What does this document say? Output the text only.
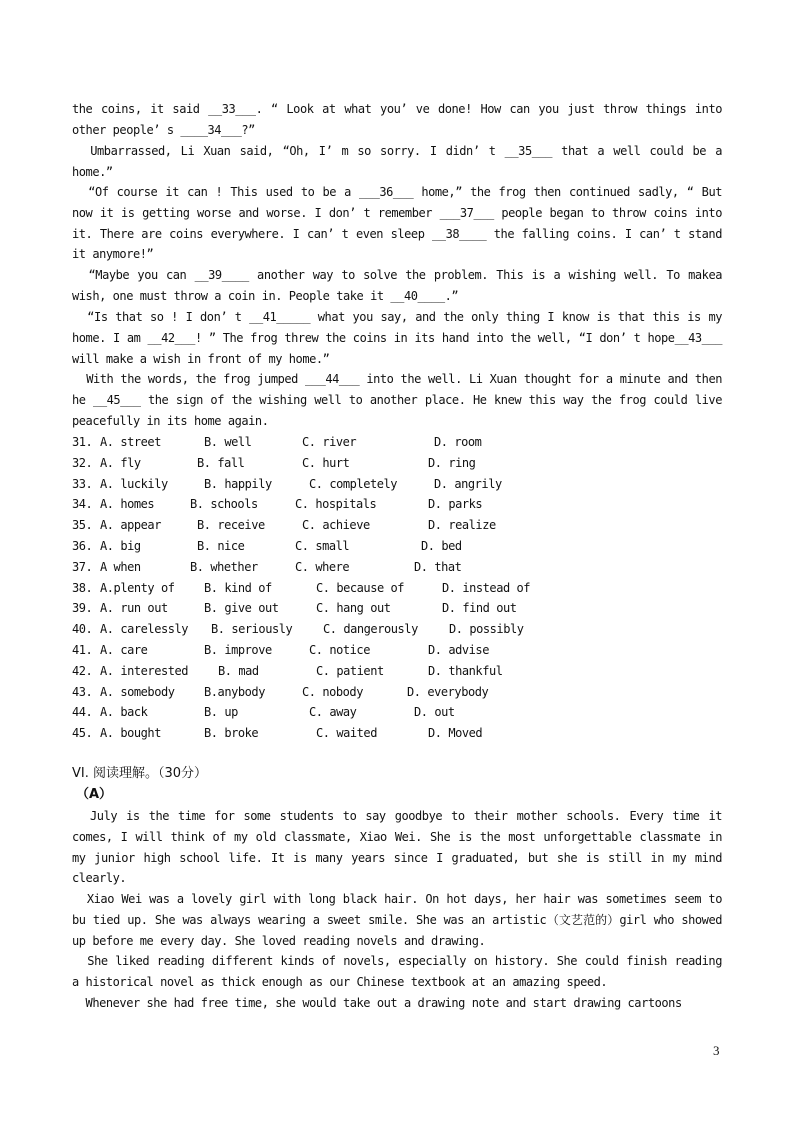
the coins, it said __33___. “ Look at what you’ ve done! How can you just throw things into other people’ s ____34___?”
Umbarrassed, Li Xuan said, “Oh, I’ m so sorry. I didn’ t __35___ that a well could be a home.”
“Of course it can ! This used to be a ___36___ home,” the frog then continued sadly, “ But now it is getting worse and worse. I don’ t remember ___37___ people began to throw coins into it. There are coins everywhere. I can’ t even sleep __38____ the falling coins. I can’ t stand it anymore!”
“Maybe you can __39____ another way to solve the problem. This is a wishing well. To makea wish, one must throw a coin in. People take it __40____.”
“Is that so ! I don’ t __41_____ what you say, and the only thing I know is that this is my home. I am __42___! ” The frog threw the coins in its hand into the well, “I don’ t hope__43___ will make a wish in front of my home.”
With the words, the frog jumped ___44___ into the well. Li Xuan thought for a minute and then he __45___ the sign of the wishing well to another place. He knew this way the frog could live peacefully in its home again.
31. A. street	B. well	C. river	D. room
32. A. fly	B. fall	C. hurt	D. ring
33. A. luckily	B. happily	C. completely	D. angrily
34. A. homes	B. schools	C. hospitals	D. parks
35. A. appear	B. receive	C. achieve	D. realize
36. A. big	B. nice	C. small	D. bed
37. A when	B. whether	C. where	D. that
38. A.plenty of B. kind of	C. because of	D. instead of
39. A. run out	B. give out	C. hang out	D. find out
40. A. carelessly B. seriously	C. dangerously	D. possibly
41. A. care	B. improve	C. notice	D. advise
42. A. interested B. mad	C. patient	D. thankful
43. A. somebody B.anybody	C. nobody	D. everybody
44. A. back	B. up	C. away	D. out
45. A. bought	B. broke	C. waited	D. Moved
VI. 阅读理解。（30分）
（A）
July is the time for some students to say goodbye to their mother schools. Every time it comes, I will think of my old classmate, Xiao Wei. She is the most unforgettable classmate in my junior high school life. It is many years since I graduated, but she is still in my mind clearly.
Xiao Wei was a lovely girl with long black hair. On hot days, her hair was sometimes seem to bu tied up. She was always wearing a sweet smile. She was an artistic（文艺范的）girl who showed up before me every day. She loved reading novels and drawing.
She liked reading different kinds of novels, especially on history. She could finish reading a historical novel as thick enough as our Chinese textbook at an amazing speed.
Whenever she had free time, she would take out a drawing note and start drawing cartoons
3
